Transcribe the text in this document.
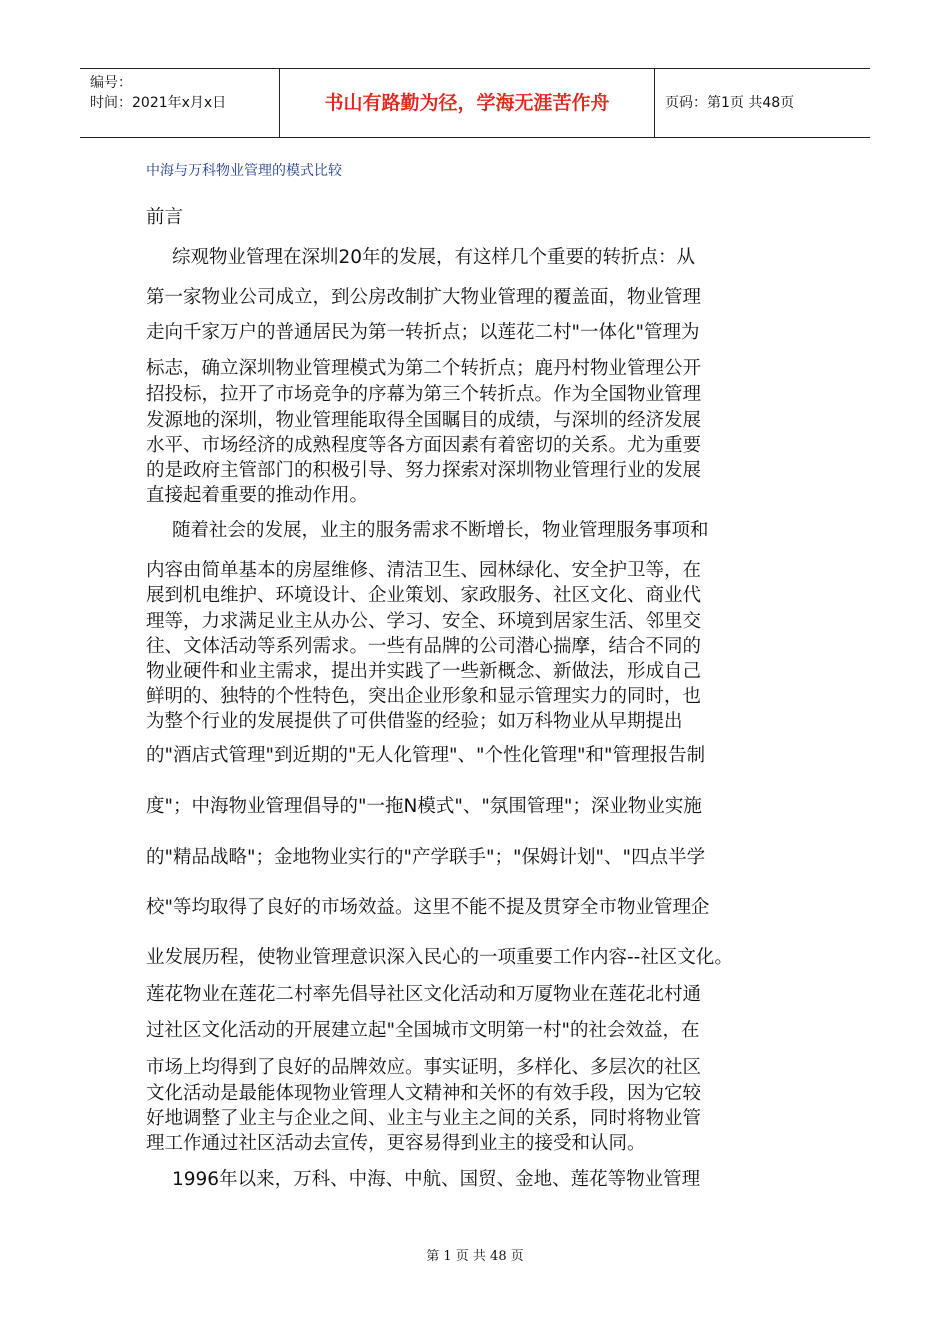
编号：
时间：2021年x月x日	书山有路勤为径，学海无涯苦作舟	页码：第1页 共48页
中海与万科物业管理的模式比较
前言
综观物业管理在深圳20年的发展，有这样几个重要的转折点：从
第一家物业公司成立，到公房改制扩大物业管理的覆盖面，物业管理
走向千家万户的普通居民为第一转折点；以莲花二村"一体化"管理为
标志，确立深圳物业管理模式为第二个转折点；鹿丹村物业管理公开
招投标，拉开了市场竞争的序幕为第三个转折点。作为全国物业管理
发源地的深圳，物业管理能取得全国瞩目的成绩，与深圳的经济发展
水平、市场经济的成熟程度等各方面因素有着密切的关系。尤为重要
的是政府主管部门的积极引导、努力探索对深圳物业管理行业的发展
直接起着重要的推动作用。
随着社会的发展，业主的服务需求不断增长，物业管理服务事项和
内容由简单基本的房屋维修、清洁卫生、园林绿化、安全护卫等，在
展到机电维护、环境设计、企业策划、家政服务、社区文化、商业代
理等，力求满足业主从办公、学习、安全、环境到居家生活、邻里交
往、文体活动等系列需求。一些有品牌的公司潜心揣摩，结合不同的
物业硬件和业主需求，提出并实践了一些新概念、新做法，形成自己
鲜明的、独特的个性特色，突出企业形象和显示管理实力的同时，也
为整个行业的发展提供了可供借鉴的经验；如万科物业从早期提出
的"酒店式管理"到近期的"无人化管理"、"个性化管理"和"管理报告制
度"；中海物业管理倡导的"一拖N模式"、"氛围管理"；深业物业实施
的"精品战略"；金地物业实行的"产学联手"；"保姆计划"、"四点半学
校"等均取得了良好的市场效益。这里不能不提及贯穿全市物业管理企
业发展历程，使物业管理意识深入民心的一项重要工作内容--社区文化。
莲花物业在莲花二村率先倡导社区文化活动和万厦物业在莲花北村通
过社区文化活动的开展建立起"全国城市文明第一村"的社会效益，在
市场上均得到了良好的品牌效应。事实证明，多样化、多层次的社区
文化活动是最能体现物业管理人文精神和关怀的有效手段，因为它较
好地调整了业主与企业之间、业主与业主之间的关系，同时将物业管
理工作通过社区活动去宣传，更容易得到业主的接受和认同。
1996年以来，万科、中海、中航、国贸、金地、莲花等物业管理
第 1 页 共 48 页
